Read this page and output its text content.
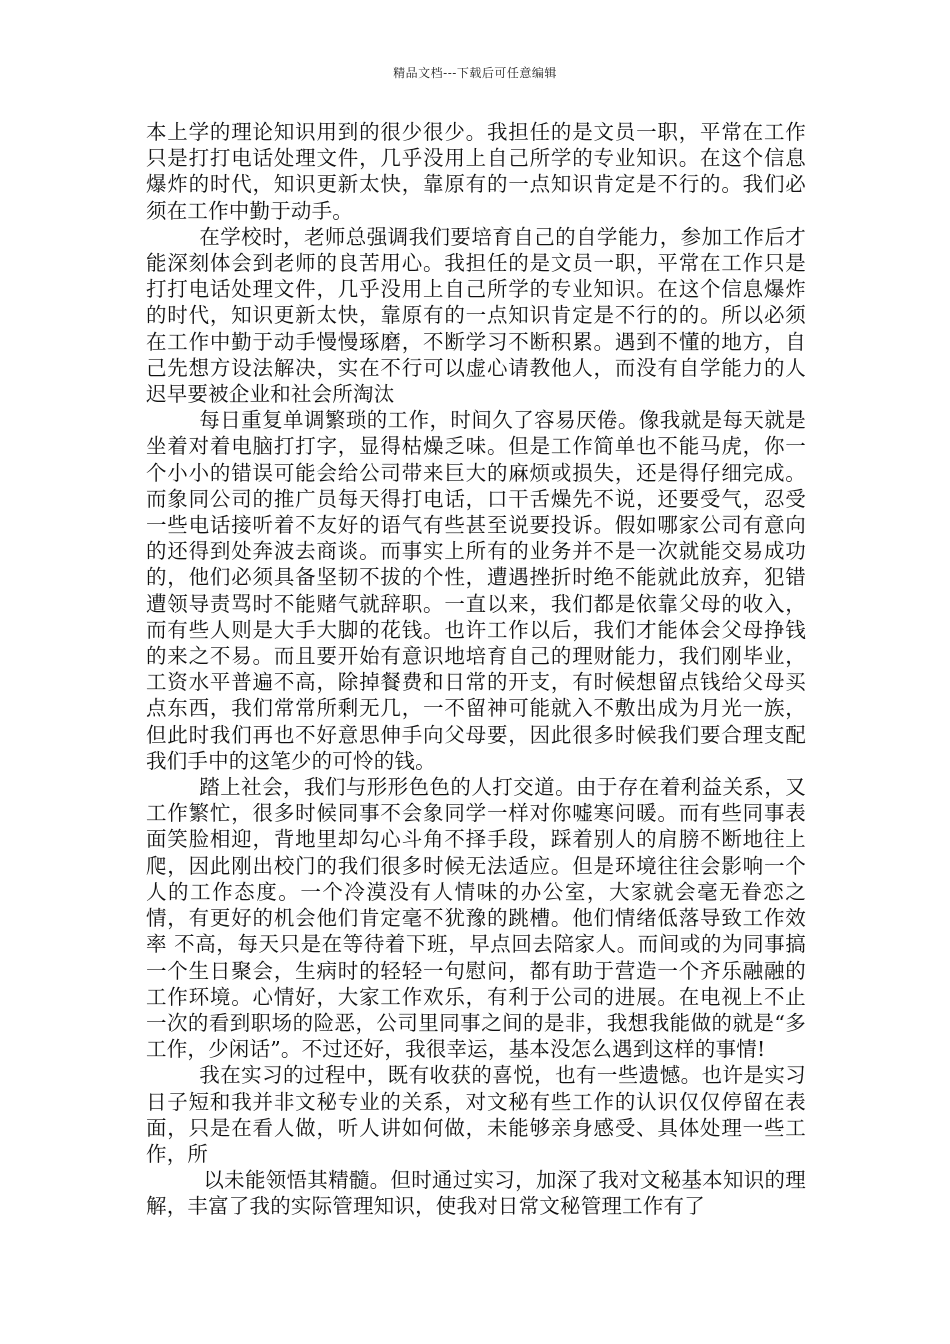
精品文档---下载后可任意编辑

本上学的理论知识用到的很少很少。我担任的是文员一职，平常在工作只是打打电话处理文件，几乎没用上自己所学的专业知识。在这个信息爆炸的时代，知识更新太快，靠原有的一点知识肯定是不行的。我们必须在工作中勤于动手。

在学校时，老师总强调我们要培育自己的自学能力，参加工作后才能深刻体会到老师的良苦用心。我担任的是文员一职，平常在工作只是打打电话处理文件，几乎没用上自己所学的专业知识。在这个信息爆炸的时代，知识更新太快，靠原有的一点知识肯定是不行的的。所以必须在工作中勤于动手慢慢琢磨，不断学习不断积累。遇到不懂的地方，自己先想方设法解决，实在不行可以虚心请教他人，而没有自学能力的人迟早要被企业和社会所淘汰

每日重复单调繁琐的工作，时间久了容易厌倦。像我就是每天就是坐着对着电脑打打字，显得枯燥乏味。但是工作简单也不能马虎，你一个小小的错误可能会给公司带来巨大的麻烦或损失，还是得仔细完成。而象同公司的推广员每天得打电话，口干舌燥先不说，还要受气，忍受一些电话接听着不友好的语气有些甚至说要投诉。假如哪家公司有意向的还得到处奔波去商谈。而事实上所有的业务并不是一次就能交易成功的，他们必须具备坚韧不拔的个性，遭遇挫折时绝不能就此放弃，犯错遭领导责骂时不能赌气就辞职。一直以来，我们都是依靠父母的收入，而有些人则是大手大脚的花钱。也许工作以后，我们才能体会父母挣钱的来之不易。而且要开始有意识地培育自己的理财能力，我们刚毕业，工资水平普遍不高，除掉餐费和日常的开支，有时候想留点钱给父母买点东西，我们常常所剩无几，一不留神可能就入不敷出成为月光一族，但此时我们再也不好意思伸手向父母要，因此很多时候我们要合理支配我们手中的这笔少的可怜的钱。

踏上社会，我们与形形色色的人打交道。由于存在着利益关系，又工作繁忙，很多时候同事不会象同学一样对你嘘寒问暖。而有些同事表面笑脸相迎，背地里却勾心斗角不择手段，踩着别人的肩膀不断地往上爬，因此刚出校门的我们很多时候无法适应。但是环境往往会影响一个人的工作态度。一个冷漠没有人情味的办公室，大家就会毫无眷恋之情，有更好的机会他们肯定毫不犹豫的跳槽。他们情绪低落导致工作效率 不高，每天只是在等待着下班，早点回去陪家人。而间或的为同事搞一个生日聚会，生病时的轻轻一句慰问，都有助于营造一个齐乐融融的工作环境。心情好，大家工作欢乐，有利于公司的进展。在电视上不止一次的看到职场的险恶，公司里同事之间的是非，我想我能做的就是“多工作，少闲话”。不过还好，我很幸运，基本没怎么遇到这样的事情!

我在实习的过程中，既有收获的喜悦，也有一些遗憾。也许是实习日子短和我并非文秘专业的关系，对文秘有些工作的认识仅仅停留在表面，只是在看人做，听人讲如何做，未能够亲身感受、具体处理一些工作，所

以未能领悟其精髓。但时通过实习，加深了我对文秘基本知识的理解，丰富了我的实际管理知识，使我对日常文秘管理工作有了
